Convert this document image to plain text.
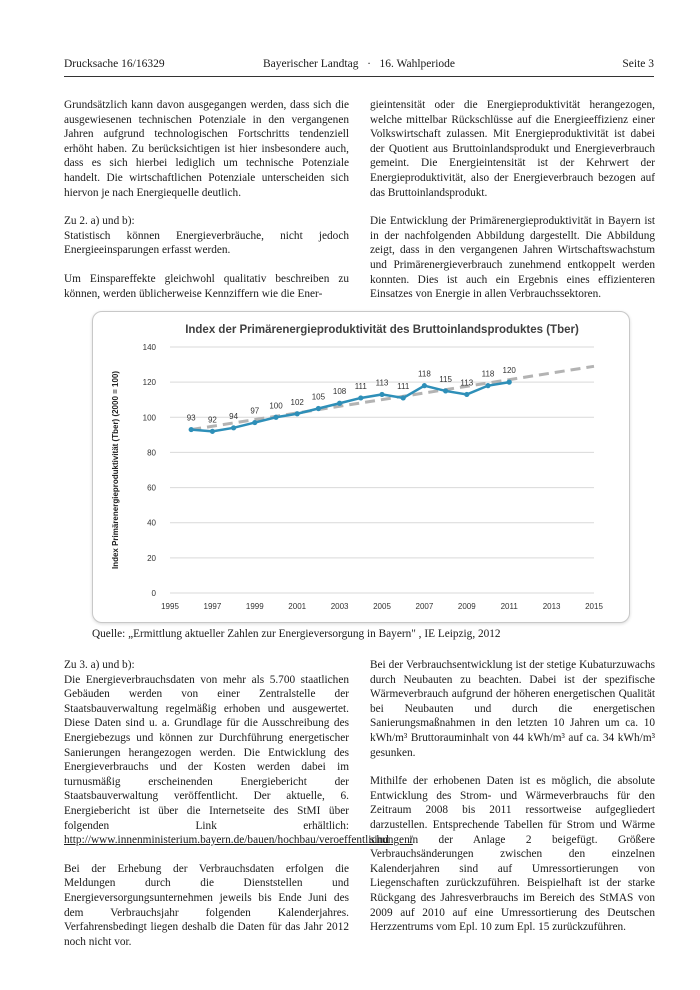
Drucksache 16/16329	Bayerischer Landtag   ·   16. Wahlperiode	Seite 3

Grundsätzlich kann davon ausgegangen werden, dass sich die ausgewiesenen technischen Potenziale in den vergangenen Jahren aufgrund technologischen Fortschritts tendenziell erhöht haben. Zu berücksichtigen ist hier insbesondere auch, dass es sich hierbei lediglich um technische Potenziale handelt. Die wirtschaftlichen Potenziale unterscheiden sich hiervon je nach Energiequelle deutlich.

Zu 2. a) und b):
Statistisch können Energieverbräuche, nicht jedoch Energieeinsparungen erfasst werden.

Um Einspareffekte gleichwohl qualitativ beschreiben zu können, werden üblicherweise Kennziffern wie die Ener-

gieintensität oder die Energieproduktivität herangezogen, welche mittelbar Rückschlüsse auf die Energieeffizienz einer Volkswirtschaft zulassen. Mit Energieproduktivität ist dabei der Quotient aus Bruttoinlandsprodukt und Energieverbrauch gemeint. Die Energieintensität ist der Kehrwert der Energieproduktivität, also der Energieverbrauch bezogen auf das Bruttoinlandsprodukt.

Die Entwicklung der Primärenergieproduktivität in Bayern ist in der nachfolgenden Abbildung dargestellt. Die Abbildung zeigt, dass in den vergangenen Jahren Wirtschaftswachstum und Primärenergieverbrauch zunehmend entkoppelt werden konnten. Dies ist auch ein Ergebnis eines effizienteren Einsatzes von Energie in allen Verbrauchssektoren.

Index der Primärenergieproduktivität des Bruttoinlandsproduktes (Tber)
0
20
40
60
80
100
120
140
1995	1997	1999	2001	2003	2005	2007	2009	2011	2013	2015
Index Primärenergieproduktivität (Tber) (2000 = 100)	93 92 94
97
100 102
105
108
111 113 111
118
115 113
118 120
Quelle: „Ermittlung aktueller Zahlen zur Energieversorgung in Bayern" , IE Leipzig, 2012

Zu 3. a) und b):
Die Energieverbrauchsdaten von mehr als 5.700 staatlichen Gebäuden werden von einer Zentralstelle der Staatsbauverwaltung regelmäßig erhoben und ausgewertet. Diese Daten sind u. a. Grundlage für die Ausschreibung des Energiebezugs und können zur Durchführung energetischer Sanierungen herangezogen werden. Die Entwicklung des Energieverbrauchs und der Kosten werden dabei im turnusmäßig erscheinenden Energiebericht der Staatsbauverwaltung veröffentlicht. Der aktuelle, 6. Energiebericht ist über die Internetseite des StMI über folgenden Link erhältlich: http://www.innenministerium.bayern.de/bauen/hochbau/veroeffentlichungen/

Bei der Erhebung der Verbrauchsdaten erfolgen die Meldungen durch die Dienststellen und Energieversorgungsunternehmen jeweils bis Ende Juni des dem Verbrauchsjahr folgenden Kalenderjahres. Verfahrensbedingt liegen deshalb die Daten für das Jahr 2012 noch nicht vor.

Bei der Verbrauchsentwicklung ist der stetige Kubaturzuwachs durch Neubauten zu beachten. Dabei ist der spezifische Wärmeverbrauch aufgrund der höheren energetischen Qualität bei Neubauten und durch die energetischen Sanierungsmaßnahmen in den letzten 10 Jahren um ca. 10 kWh/m³ Bruttorauminhalt von 44 kWh/m³ auf ca. 34 kWh/m³ gesunken.

Mithilfe der erhobenen Daten ist es möglich, die absolute Entwicklung des Strom- und Wärmeverbrauchs für den Zeitraum 2008 bis 2011 ressortweise aufgegliedert darzustellen. Entsprechende Tabellen für Strom und Wärme sind in der Anlage 2 beigefügt. Größere Verbrauchsänderungen zwischen den einzelnen Kalenderjahren sind auf Umressortierungen von Liegenschaften zurückzuführen. Beispielhaft ist der starke Rückgang des Jahresverbrauchs im Bereich des StMAS von 2009 auf 2010 auf eine Umressortierung des Deutschen Herzzentrums vom Epl. 10 zum Epl. 15 zurückzuführen.
